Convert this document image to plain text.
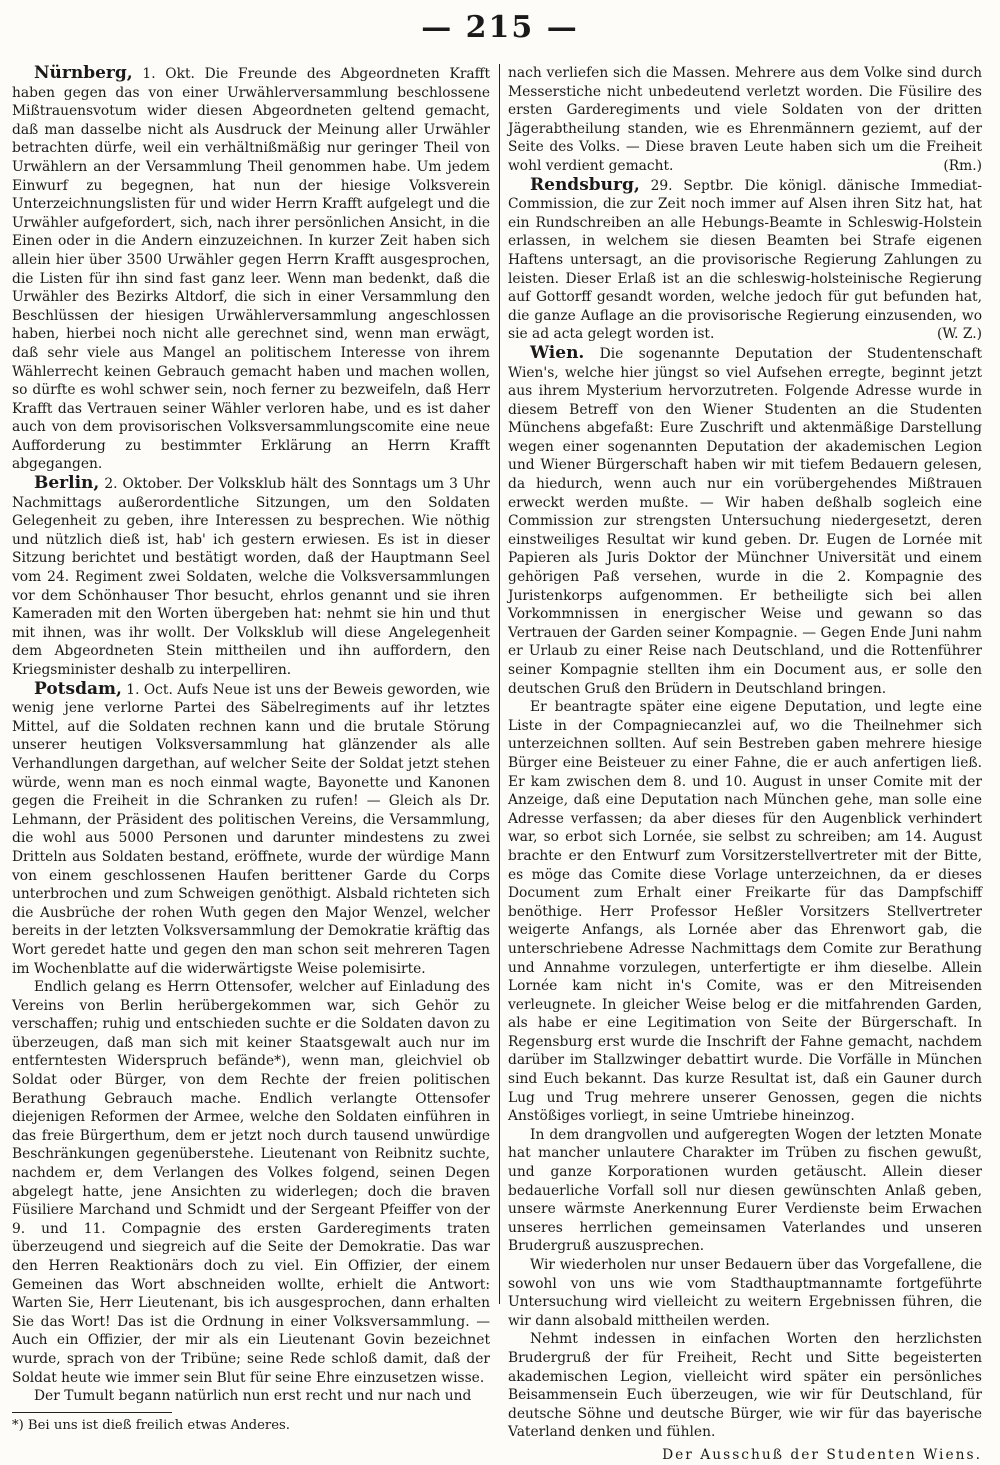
— 215 —

Nürnberg, 1. Okt. Die Freunde des Abgeordneten Krafft haben gegen das von einer Urwählerversammlung beschlossene Mißtrauensvotum wider diesen Abgeordneten geltend gemacht, daß man dasselbe nicht als Ausdruck der Meinung aller Urwähler betrachten dürfe, weil ein verhältnißmäßig nur geringer Theil von Urwählern an der Versammlung Theil genommen habe. Um jedem Einwurf zu begegnen, hat nun der hiesige Volksverein Unterzeichnungslisten für und wider Herrn Krafft aufgelegt und die Urwähler aufgefordert, sich, nach ihrer persönlichen Ansicht, in die Einen oder in die Andern einzuzeichnen. In kurzer Zeit haben sich allein hier über 3500 Urwähler gegen Herrn Krafft ausgesprochen, die Listen für ihn sind fast ganz leer. Wenn man bedenkt, daß die Urwähler des Bezirks Altdorf, die sich in einer Versammlung den Beschlüssen der hiesigen Urwählerversammlung angeschlossen haben, hierbei noch nicht alle gerechnet sind, wenn man erwägt, daß sehr viele aus Mangel an politischem Interesse von ihrem Wählerrecht keinen Gebrauch gemacht haben und machen wollen, so dürfte es wohl schwer sein, noch ferner zu bezweifeln, daß Herr Krafft das Vertrauen seiner Wähler verloren habe, und es ist daher auch von dem provisorischen Volksversammlungscomite eine neue Aufforderung zu bestimmter Erklärung an Herrn Krafft abgegangen.

Berlin, 2. Oktober. Der Volksklub hält des Sonntags um 3 Uhr Nachmittags außerordentliche Sitzungen, um den Soldaten Gelegenheit zu geben, ihre Interessen zu besprechen. Wie nöthig und nützlich dieß ist, hab' ich gestern erwiesen. Es ist in dieser Sitzung berichtet und bestätigt worden, daß der Hauptmann Seel vom 24. Regiment zwei Soldaten, welche die Volksversammlungen vor dem Schönhauser Thor besucht, ehrlos genannt und sie ihren Kameraden mit den Worten übergeben hat: nehmt sie hin und thut mit ihnen, was ihr wollt. Der Volksklub will diese Angelegenheit dem Abgeordneten Stein mittheilen und ihn auffordern, den Kriegsminister deshalb zu interpelliren.

Potsdam, 1. Oct. Aufs Neue ist uns der Beweis geworden, wie wenig jene verlorne Partei des Säbelregiments auf ihr letztes Mittel, auf die Soldaten rechnen kann und die brutale Störung unserer heutigen Volksversammlung hat glänzender als alle Verhandlungen dargethan, auf welcher Seite der Soldat jetzt stehen würde, wenn man es noch einmal wagte, Bayonette und Kanonen gegen die Freiheit in die Schranken zu rufen! — Gleich als Dr. Lehmann, der Präsident des politischen Vereins, die Versammlung, die wohl aus 5000 Personen und darunter mindestens zu zwei Dritteln aus Soldaten bestand, eröffnete, wurde der würdige Mann von einem geschlossenen Haufen berittener Garde du Corps unterbrochen und zum Schweigen genöthigt. Alsbald richteten sich die Ausbrüche der rohen Wuth gegen den Major Wenzel, welcher bereits in der letzten Volksversammlung der Demokratie kräftig das Wort geredet hatte und gegen den man schon seit mehreren Tagen im Wochenblatte auf die widerwärtigste Weise polemisirte.

Endlich gelang es Herrn Ottensofer, welcher auf Einladung des Vereins von Berlin herübergekommen war, sich Gehör zu verschaffen; ruhig und entschieden suchte er die Soldaten davon zu überzeugen, daß man sich mit keiner Staatsgewalt auch nur im entferntesten Widerspruch befände*), wenn man, gleichviel ob Soldat oder Bürger, von dem Rechte der freien politischen Berathung Gebrauch mache. Endlich verlangte Ottensofer diejenigen Reformen der Armee, welche den Soldaten einführen in das freie Bürgerthum, dem er jetzt noch durch tausend unwürdige Beschränkungen gegenüberstehe. Lieutenant von Reibnitz suchte, nachdem er, dem Verlangen des Volkes folgend, seinen Degen abgelegt hatte, jene Ansichten zu widerlegen; doch die braven Füsiliere Marchand und Schmidt und der Sergeant Pfeiffer von der 9. und 11. Compagnie des ersten Garderegiments traten überzeugend und siegreich auf die Seite der Demokratie. Das war den Herren Reaktionärs doch zu viel. Ein Offizier, der einem Gemeinen das Wort abschneiden wollte, erhielt die Antwort: Warten Sie, Herr Lieutenant, bis ich ausgesprochen, dann erhalten Sie das Wort! Das ist die Ordnung in einer Volksversammlung. — Auch ein Offizier, der mir als ein Lieutenant Govin bezeichnet wurde, sprach von der Tribüne; seine Rede schloß damit, daß der Soldat heute wie immer sein Blut für seine Ehre einzusetzen wisse.

Der Tumult begann natürlich nun erst recht und nur nach und

*) Bei uns ist dieß freilich etwas Anderes.

nach verliefen sich die Massen. Mehrere aus dem Volke sind durch Messerstiche nicht unbedeutend verletzt worden. Die Füsilire des ersten Garderegiments und viele Soldaten von der dritten Jägerabtheilung standen, wie es Ehrenmännern geziemt, auf der Seite des Volks. — Diese braven Leute haben sich um die Freiheit wohl verdient gemacht.	(Rm.)

Rendsburg, 29. Septbr. Die königl. dänische Immediat-Commission, die zur Zeit noch immer auf Alsen ihren Sitz hat, hat ein Rundschreiben an alle Hebungs-Beamte in Schleswig-Holstein erlassen, in welchem sie diesen Beamten bei Strafe eigenen Haftens untersagt, an die provisorische Regierung Zahlungen zu leisten. Dieser Erlaß ist an die schleswig-holsteinische Regierung auf Gottorff gesandt worden, welche jedoch für gut befunden hat, die ganze Auflage an die provisorische Regierung einzusenden, wo sie ad acta gelegt worden ist.	(W. Z.)

Wien. Die sogenannte Deputation der Studentenschaft Wien's, welche hier jüngst so viel Aufsehen erregte, beginnt jetzt aus ihrem Mysterium hervorzutreten. Folgende Adresse wurde in diesem Betreff von den Wiener Studenten an die Studenten Münchens abgefaßt: Eure Zuschrift und aktenmäßige Darstellung wegen einer sogenannten Deputation der akademischen Legion und Wiener Bürgerschaft haben wir mit tiefem Bedauern gelesen, da hiedurch, wenn auch nur ein vorübergehendes Mißtrauen erweckt werden mußte. — Wir haben deßhalb sogleich eine Commission zur strengsten Untersuchung niedergesetzt, deren einstweiliges Resultat wir kund geben. Dr. Eugen de Lornée mit Papieren als Juris Doktor der Münchner Universität und einem gehörigen Paß versehen, wurde in die 2. Kompagnie des Juristenkorps aufgenommen. Er betheiligte sich bei allen Vorkommnissen in energischer Weise und gewann so das Vertrauen der Garden seiner Kompagnie. — Gegen Ende Juni nahm er Urlaub zu einer Reise nach Deutschland, und die Rottenführer seiner Kompagnie stellten ihm ein Document aus, er solle den deutschen Gruß den Brüdern in Deutschland bringen.

Er beantragte später eine eigene Deputation, und legte eine Liste in der Compagniecanzlei auf, wo die Theilnehmer sich unterzeichnen sollten. Auf sein Bestreben gaben mehrere hiesige Bürger eine Beisteuer zu einer Fahne, die er auch anfertigen ließ. Er kam zwischen dem 8. und 10. August in unser Comite mit der Anzeige, daß eine Deputation nach München gehe, man solle eine Adresse verfassen; da aber dieses für den Augenblick verhindert war, so erbot sich Lornée, sie selbst zu schreiben; am 14. August brachte er den Entwurf zum Vorsitzerstellvertreter mit der Bitte, es möge das Comite diese Vorlage unterzeichnen, da er dieses Document zum Erhalt einer Freikarte für das Dampfschiff benöthige. Herr Professor Heßler Vorsitzers Stellvertreter weigerte Anfangs, als Lornée aber das Ehrenwort gab, die unterschriebene Adresse Nachmittags dem Comite zur Berathung und Annahme vorzulegen, unterfertigte er ihm dieselbe. Allein Lornée kam nicht in's Comite, was er den Mitreisenden verleugnete. In gleicher Weise belog er die mitfahrenden Garden, als habe er eine Legitimation von Seite der Bürgerschaft. In Regensburg erst wurde die Inschrift der Fahne gemacht, nachdem darüber im Stallzwinger debattirt wurde. Die Vorfälle in München sind Euch bekannt. Das kurze Resultat ist, daß ein Gauner durch Lug und Trug mehrere unserer Genossen, gegen die nichts Anstößiges vorliegt, in seine Umtriebe hineinzog.

In dem drangvollen und aufgeregten Wogen der letzten Monate hat mancher unlautere Charakter im Trüben zu fischen gewußt, und ganze Korporationen wurden getäuscht. Allein dieser bedauerliche Vorfall soll nur diesen gewünschten Anlaß geben, unsere wärmste Anerkennung Eurer Verdienste beim Erwachen unseres herrlichen gemeinsamen Vaterlandes und unseren Brudergruß auszusprechen.

Wir wiederholen nur unser Bedauern über das Vorgefallene, die sowohl von uns wie vom Stadthauptmannamte fortgeführte Untersuchung wird vielleicht zu weitern Ergebnissen führen, die wir dann alsobald mittheilen werden.

Nehmt indessen in einfachen Worten den herzlichsten Brudergruß der für Freiheit, Recht und Sitte begeisterten akademischen Legion, vielleicht wird später ein persönliches Beisammensein Euch überzeugen, wie wir für Deutschland, für deutsche Söhne und deutsche Bürger, wie wir für das bayerische Vaterland denken und fühlen.

Der Ausschuß der Studenten Wiens.
